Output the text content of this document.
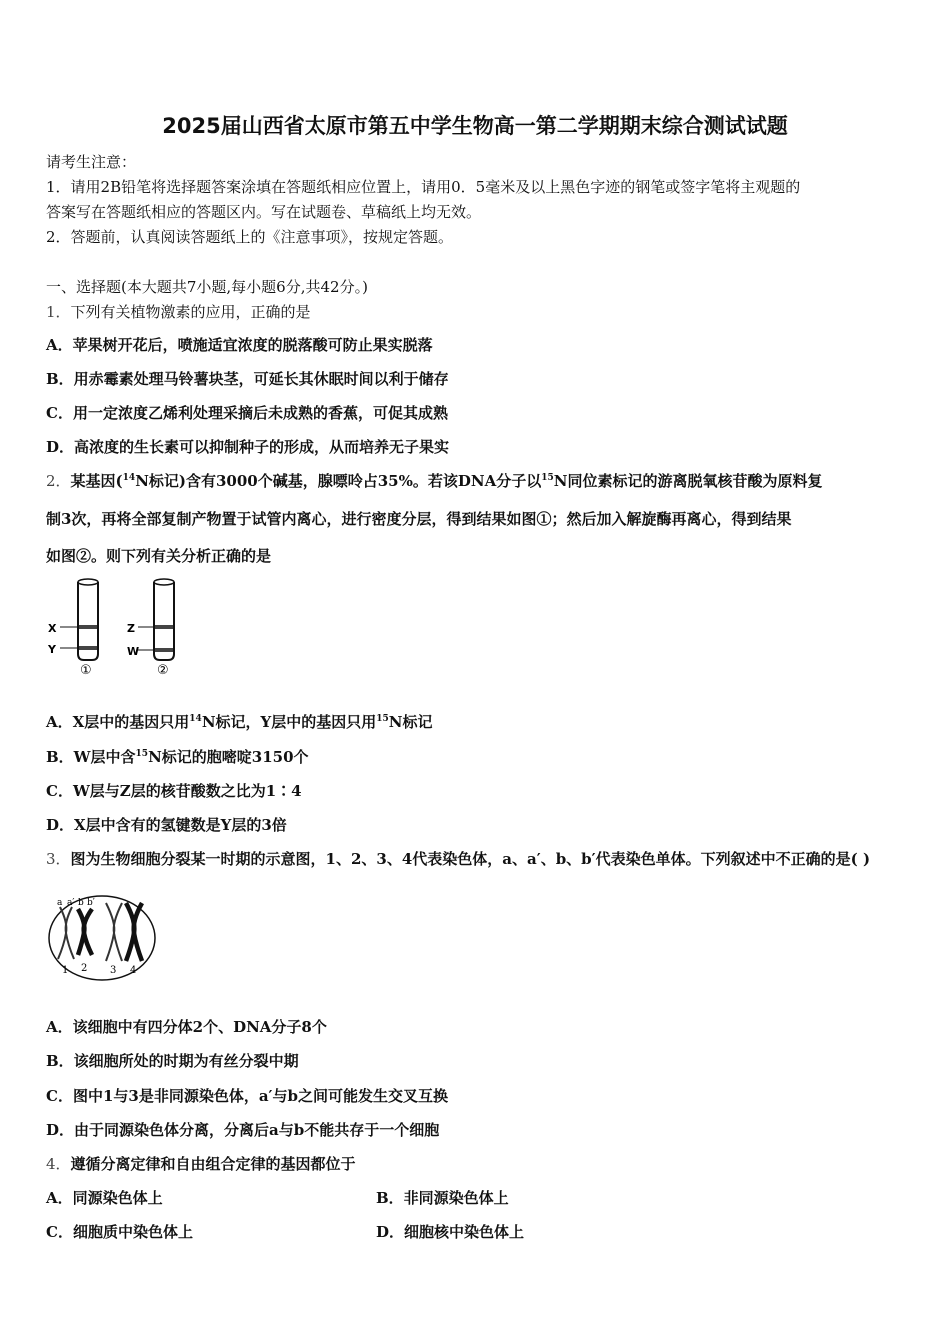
2025届山西省太原市第五中学生物高一第二学期期末综合测试试题
请考生注意：
1．请用2B铅笔将选择题答案涂填在答题纸相应位置上，请用0．5毫米及以上黑色字迹的钢笔或签字笔将主观题的
答案写在答题纸相应的答题区内。写在试题卷、草稿纸上均无效。
2．答题前，认真阅读答题纸上的《注意事项》，按规定答题。
一、选择题(本大题共7小题,每小题6分,共42分。)
1．下列有关植物激素的应用，正确的是
A．苹果树开花后，喷施适宜浓度的脱落酸可防止果实脱落
B．用赤霉素处理马铃薯块茎，可延长其休眠时间以利于储存
C．用一定浓度乙烯利处理采摘后未成熟的香蕉，可促其成熟
D．高浓度的生长素可以抑制种子的形成，从而培养无子果实
2．某基因($^{14}$N标记)含有3000个碱基，腺嘌呤占35%。若该DNA分子以$^{15}$N同位素标记的游离脱氧核苷酸为原料复
制3次，再将全部复制产物置于试管内离心，进行密度分层，得到结果如图①；然后加入解旋酶再离心，得到结果
如图②。则下列有关分析正确的是
X
Y
①
Z
W
②
A．X层中的基因只用$^{14}$N标记，Y层中的基因只用$^{15}$N标记
B．W层中含$^{15}$N标记的胞嘧啶3150个
C．W层与Z层的核苷酸数之比为1∶4
D．X层中含有的氢键数是Y层的3倍
3．图为生物细胞分裂某一时期的示意图，1、2、3、4代表染色体，a、a′、b、b′代表染色单体。下列叙述中不正确的是( )
a a′ b b′
1 2 3 4
A．该细胞中有四分体2个、DNA分子8个
B．该细胞所处的时期为有丝分裂中期
C．图中1与3是非同源染色体，a′与b之间可能发生交叉互换
D．由于同源染色体分离，分离后a与b不能共存于一个细胞
4．遵循分离定律和自由组合定律的基因都位于
A．同源染色体上	B．非同源染色体上
C．细胞质中染色体上	D．细胞核中染色体上
